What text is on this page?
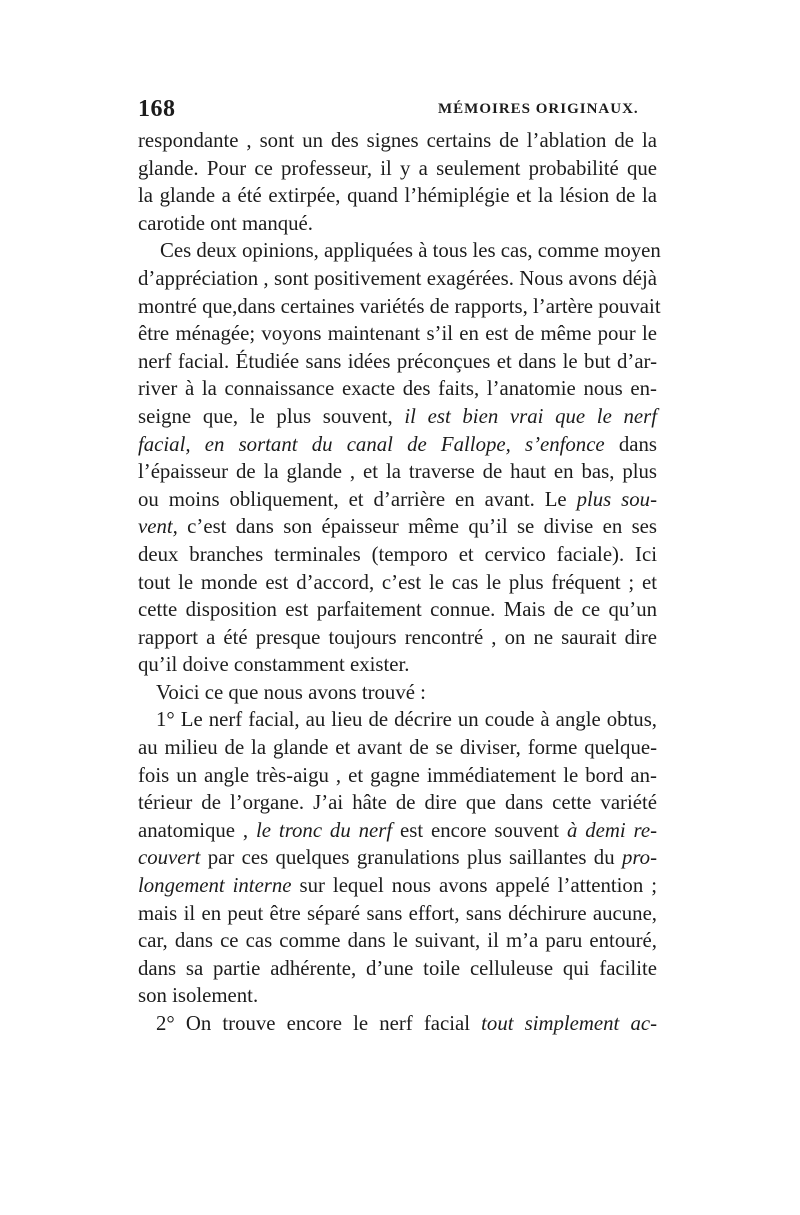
168	MÉMOIRES ORIGINAUX.
respondante , sont un des signes certains de l’ablation de la
glande. Pour ce professeur, il y a seulement probabilité que
la glande a été extirpée, quand l’hémiplégie et la lésion de la
carotide ont manqué.
Ces deux opinions, appliquées à tous les cas, comme moyen
d’appréciation , sont positivement exagérées. Nous avons déjà
montré que,dans certaines variétés de rapports, l’artère pouvait
être ménagée; voyons maintenant s’il en est de même pour le
nerf facial. Étudiée sans idées préconçues et dans le but d’ar-
river à la connaissance exacte des faits, l’anatomie nous en-
seigne que, le plus souvent, il est bien vrai que le nerf
facial, en sortant du canal de Fallope, s’enfonce dans
l’épaisseur de la glande , et la traverse de haut en bas, plus
ou moins obliquement, et d’arrière en avant. Le plus sou-
vent, c’est dans son épaisseur même qu’il se divise en ses
deux branches terminales (temporo et cervico faciale). Ici
tout le monde est d’accord, c’est le cas le plus fréquent ; et
cette disposition est parfaitement connue. Mais de ce qu’un
rapport a été presque toujours rencontré , on ne saurait dire
qu’il doive constamment exister.
Voici ce que nous avons trouvé :
1° Le nerf facial, au lieu de décrire un coude à angle obtus,
au milieu de la glande et avant de se diviser, forme quelque-
fois un angle très-aigu , et gagne immédiatement le bord an-
térieur de l’organe. J’ai hâte de dire que dans cette variété
anatomique , le tronc du nerf est encore souvent à demi re-
couvert par ces quelques granulations plus saillantes du pro-
longement interne sur lequel nous avons appelé l’attention ;
mais il en peut être séparé sans effort, sans déchirure aucune,
car, dans ce cas comme dans le suivant, il m’a paru entouré,
dans sa partie adhérente, d’une toile celluleuse qui facilite
son isolement.
2° On trouve encore le nerf facial tout simplement ac-
